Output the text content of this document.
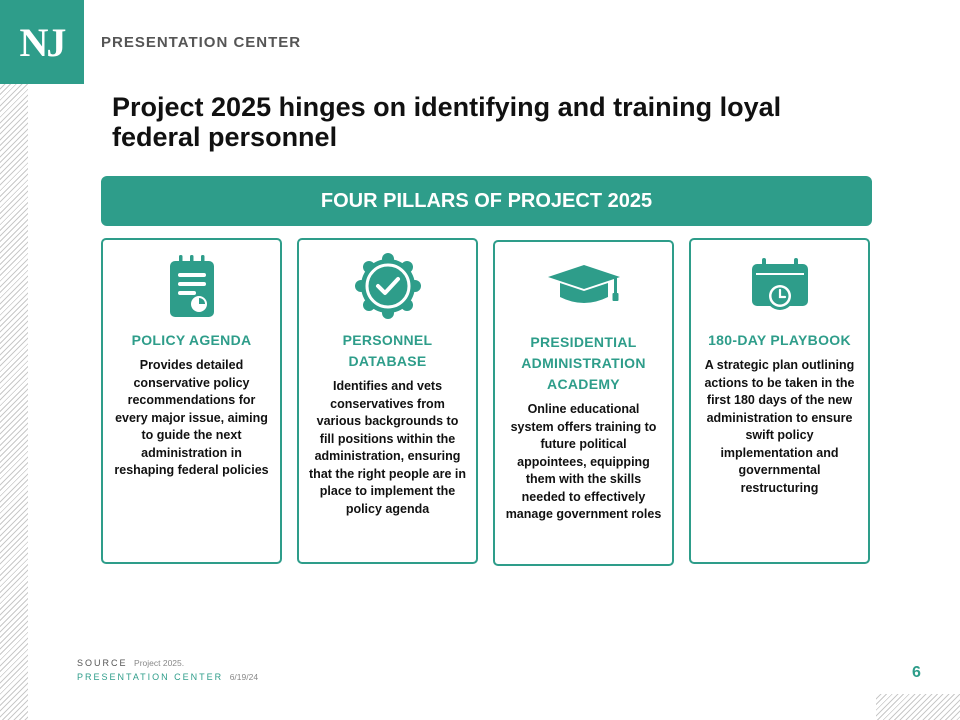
NJ PRESENTATION CENTER
Project 2025 hinges on identifying and training loyal federal personnel
FOUR PILLARS OF PROJECT 2025
POLICY AGENDA
Provides detailed conservative policy recommendations for every major issue, aiming to guide the next administration in reshaping federal policies
PERSONNEL DATABASE
Identifies and vets conservatives from various backgrounds to fill positions within the administration, ensuring that the right people are in place to implement the policy agenda
PRESIDENTIAL ADMINISTRATION ACADEMY
Online educational system offers training to future political appointees, equipping them with the skills needed to effectively manage government roles
180-DAY PLAYBOOK
A strategic plan outlining actions to be taken in the first 180 days of the new administration to ensure swift policy implementation and governmental restructuring
SOURCE Project 2025.
PRESENTATION CENTER 6/19/24	6
